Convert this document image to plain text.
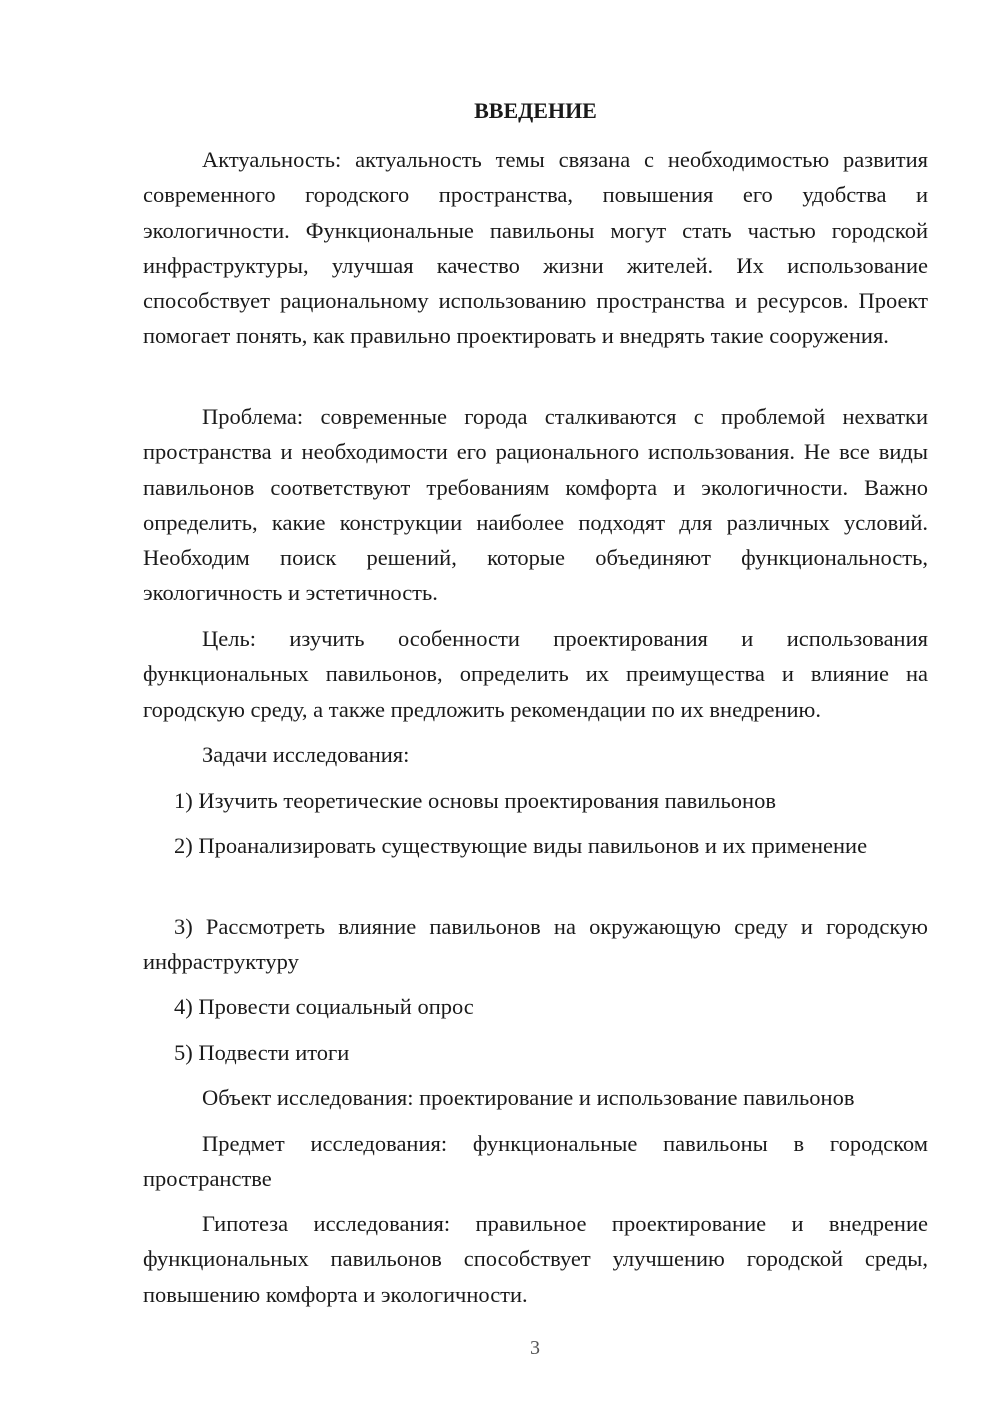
ВВЕДЕНИЕ

Актуальность: актуальность темы связана с необходимостью развития современного городского пространства, повышения его удобства и экологичности. Функциональные павильоны могут стать частью городской инфраструктуры, улучшая качество жизни жителей. Их использование способствует рациональному использованию пространства и ресурсов. Проект помогает понять, как правильно проектировать и внедрять такие сооружения.

Проблема: современные города сталкиваются с проблемой нехватки пространства и необходимости его рационального использования. Не все виды павильонов соответствуют требованиям комфорта и экологичности. Важно определить, какие конструкции наиболее подходят для различных условий. Необходим поиск решений, которые объединяют функциональность, экологичность и эстетичность.

Цель: изучить особенности проектирования и использования функциональных павильонов, определить их преимущества и влияние на городскую среду, а также предложить рекомендации по их внедрению.

Задачи исследования:

1) Изучить теоретические основы проектирования павильонов

2) Проанализировать существующие виды павильонов и их применение

3) Рассмотреть влияние павильонов на окружающую среду и городскую инфраструктуру

4) Провести социальный опрос

5) Подвести итоги

Объект исследования: проектирование и использование павильонов

Предмет исследования: функциональные павильоны в городском пространстве

Гипотеза исследования: правильное проектирование и внедрение функциональных павильонов способствует улучшению городской среды, повышению комфорта и экологичности.

3
